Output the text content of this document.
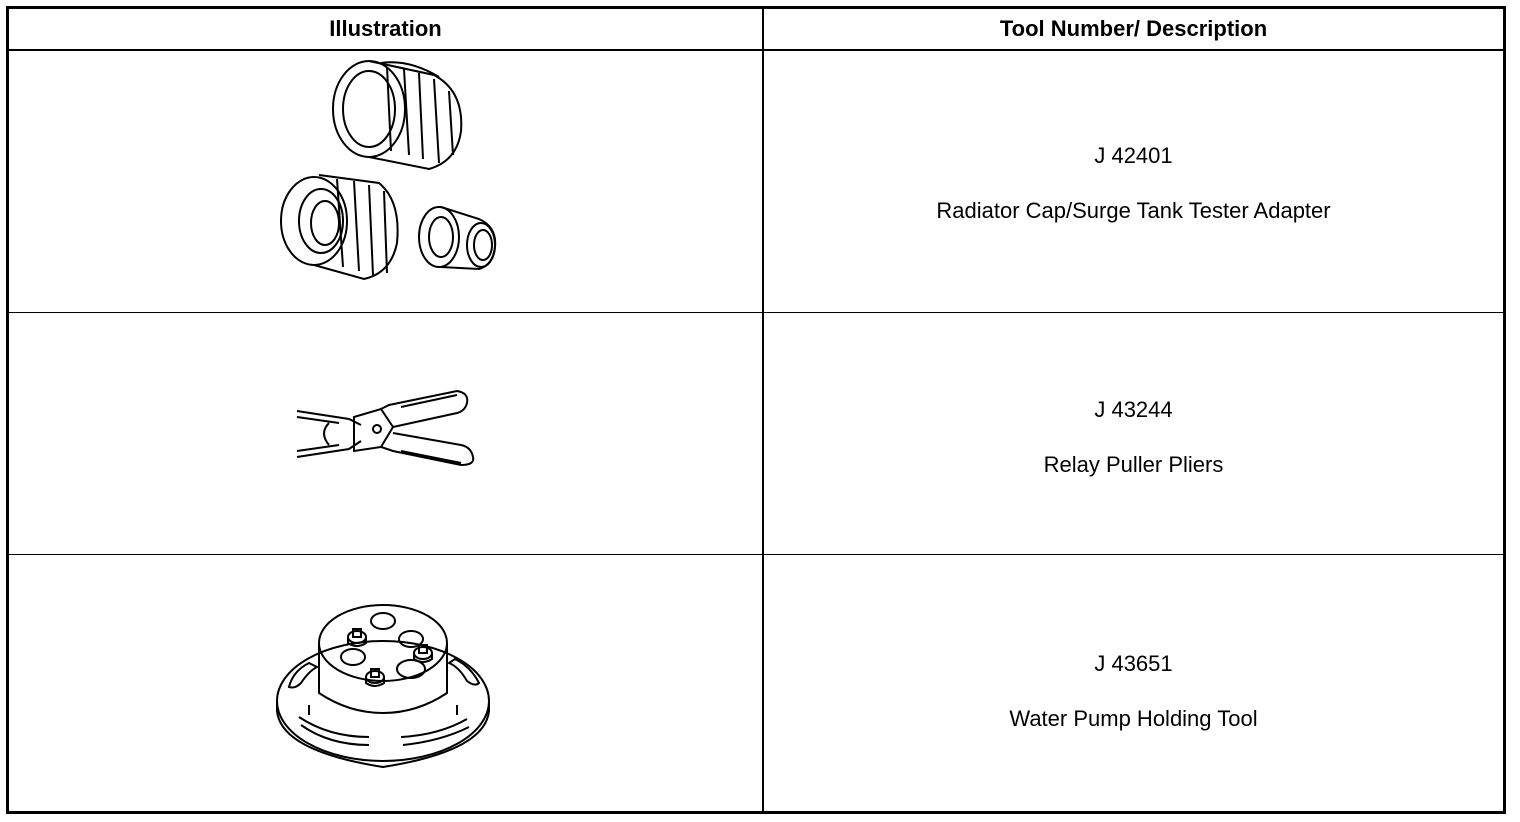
Illustration	Tool Number/ Description
J 42401
Radiator Cap/Surge Tank Tester Adapter
J 43244
Relay Puller Pliers
J 43651
Water Pump Holding Tool
